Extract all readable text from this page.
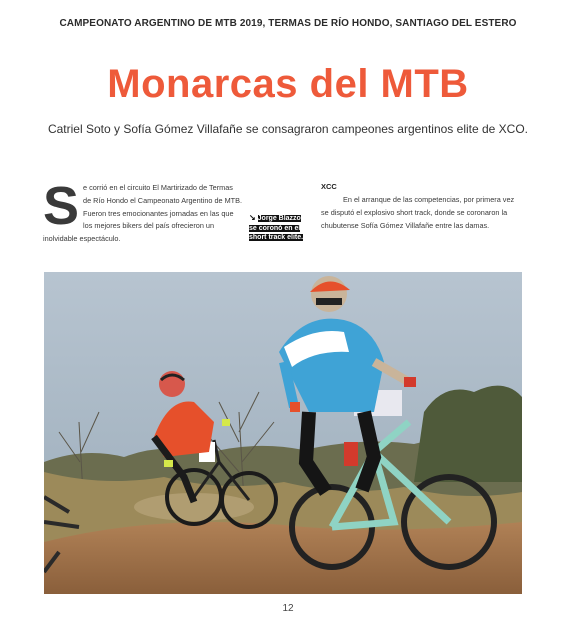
CAMPEONATO ARGENTINO DE MTB 2019, TERMAS DE RÍO HONDO, SANTIAGO DEL ESTERO
Monarcas del MTB
Catriel Soto y Sofía Gómez Villafañe se consagraron campeones argentinos elite de XCO.
S e corrió en el circuito El Martirizado de Termas de Río Hondo el Campeonato Argentino de MTB. Fueron tres emocionantes jornadas en las que los mejores bikers del país ofrecieron un inolvidable espectáculo.
↘ Jorge Blazzo se coronó en el short track elite.
XCC
En el arranque de las competencias, por primera vez se disputó el explosivo short track, donde se coronaron la chubutense Sofía Gómez Villafañe entre las damas.
12
